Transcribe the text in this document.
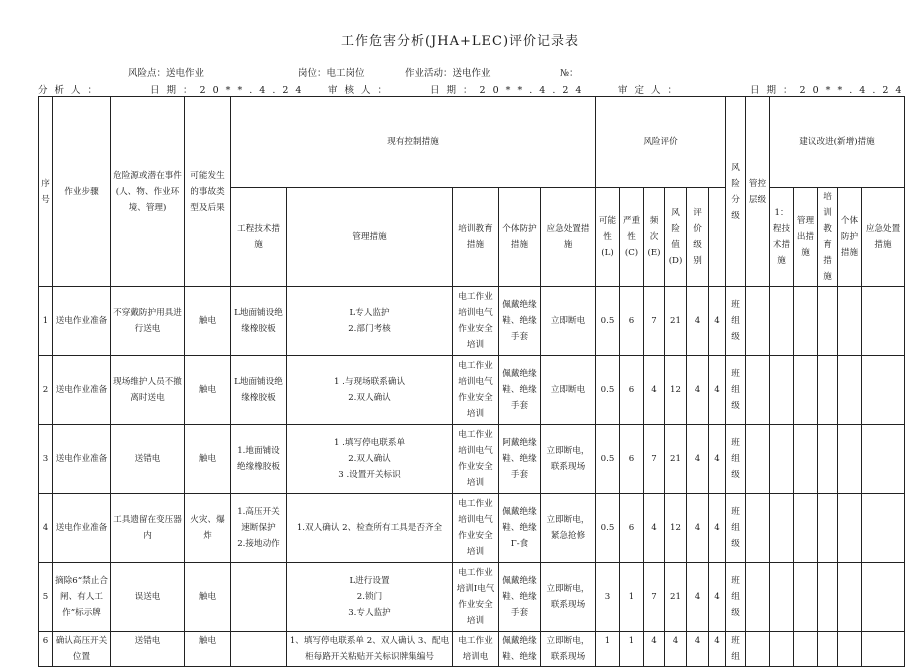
工作危害分析(JHA+LEC)评价记录表
风险点：送电作业	岗位：电工岗位	作业活动：送电作业	№：
分 析 人 ：	日 期 ： 2 0 * * . 4 . 2 4	审 核 人 ：	日 期 ： 2 0 * * . 4 . 2 4	审 定 人 ：	日 期 ： 2 0 * * . 4 . 2 4
序号	作业步骤	危险源或潜在事件(人、物、作业环境、管理)	可能发生的事故类型及后果	现有控制措施					风险评价						风险分级	管控层级	建议改进(新增)措施	
				工程技术措施	管理措施	培训教育措施	个体防护措施	应急处置措施	可能性(L)	严重性(C)	频次(E)	风险值(D)	评价级别				1：程技术措施	管理出措施	培训教育措施	个体防护措施	应急处置措施	
1	送电作业准备	不穿戴防护用具进行送电	触电	L地面铺设绝缘橡胶板	L专人监护
2.部门考核	电工作业培训电气作业安全培训	佩戴绝缘鞋、绝缘手套	立即断电	0.5	6	7	21	4	4	班组级							
2	送电作业准备	现场维护人员不撤离时送电	触电	L地面铺设绝缘橡胶板	1 .与现场联系确认
2.双人确认	电工作业培训电气作业安全培训	佩戴绝缘鞋、绝缘手套	立即断电	0.5	6	4	12	4	4	班组级							
3	送电作业准备	送错电	触电	1.地面铺设绝缘橡胶板	1 .填写停电联系单
2.双人确认
3 .设置开关标识	电工作业培训电气作业安全培训	阿戴绝缘鞋、绝缘手套	立即断电，联系现场	0.5	6	7	21	4	4	班组级							
4	送电作业准备	工具遗留在变压器内	火灾、爆炸	1.高压开关速断保护
2.接地动作	1.双人确认 2、检查所有工具是否齐全	电工作业培训电气作业安全培训	佩戴绝缘鞋、绝缘Γ-食	立即断电，紧急抢修	0.5	6	4	12	4	4	班组级							
5	摘除6“禁止合闸、有人工作”标示牌	误送电	触电		L进行设置
2.锁门
3.专人监护	电工作业培训Ⅰ电气作业安全培训	佩戴绝缘鞋、绝缘手套	立即断电，联系现场	3	1	7	21	4	4	班组级							
6	确认高压开关位置	送错电	触电		1、填写停电联系单 2、双人确认 3、配电柜每路开关粘贴开关标识牌集编号	电工作业培训电	佩戴绝缘鞋、绝缘	立即断电，联系现场	1	1	4	4	4	4	班组							
